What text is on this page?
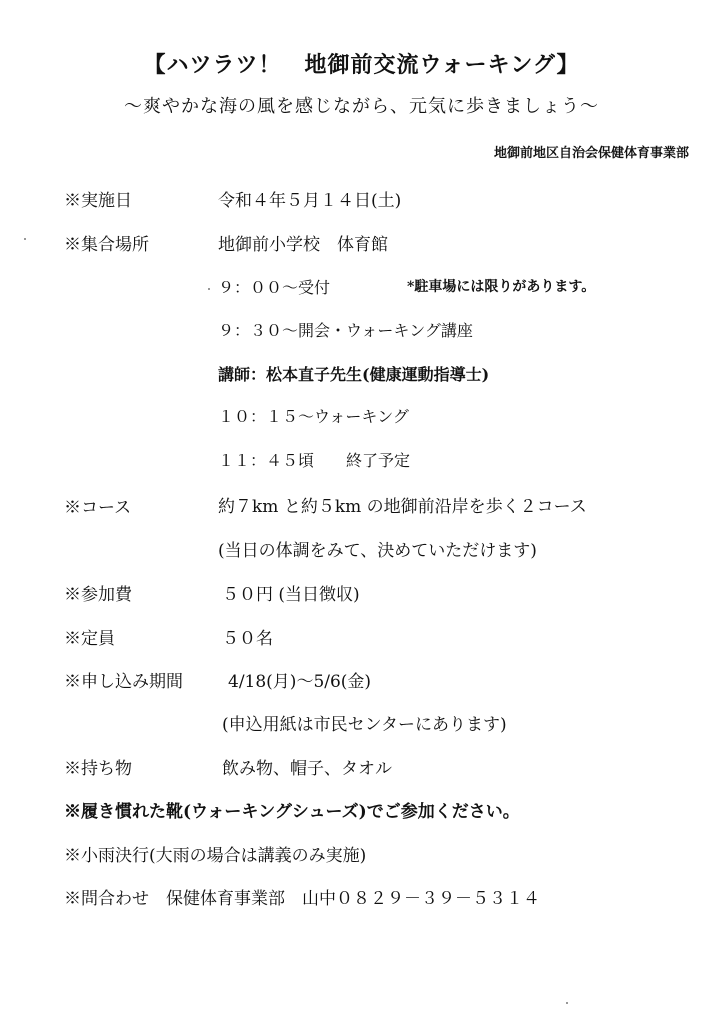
【ハツラツ！　地御前交流ウォーキング】
～爽やかな海の風を感じながら、元気に歩きましょう～
地御前地区自治会保健体育事業部
※実施日	令和４年５月１４日(土)
※集合場所	地御前小学校　体育館
９：００～受付	*駐車場には限りがあります。
９：３０～開会・ウォーキング講座
講師：松本直子先生(健康運動指導士)
１０：１５～ウォーキング
１１：４５頃　　終了予定
※コース	約７km と約５km の地御前沿岸を歩く２コース
(当日の体調をみて、決めていただけます)
※参加費	５０円 (当日徴収)
※定員	５０名
※申し込み期間	4/18(月)～5/6(金)
(申込用紙は市民センターにあります)
※持ち物	飲み物、帽子、タオル
※履き慣れた靴(ウォーキングシューズ)でご参加ください。
※小雨決行(大雨の場合は講義のみ実施)
※問合わせ　保健体育事業部　山中０８２９－３９－５３１４
